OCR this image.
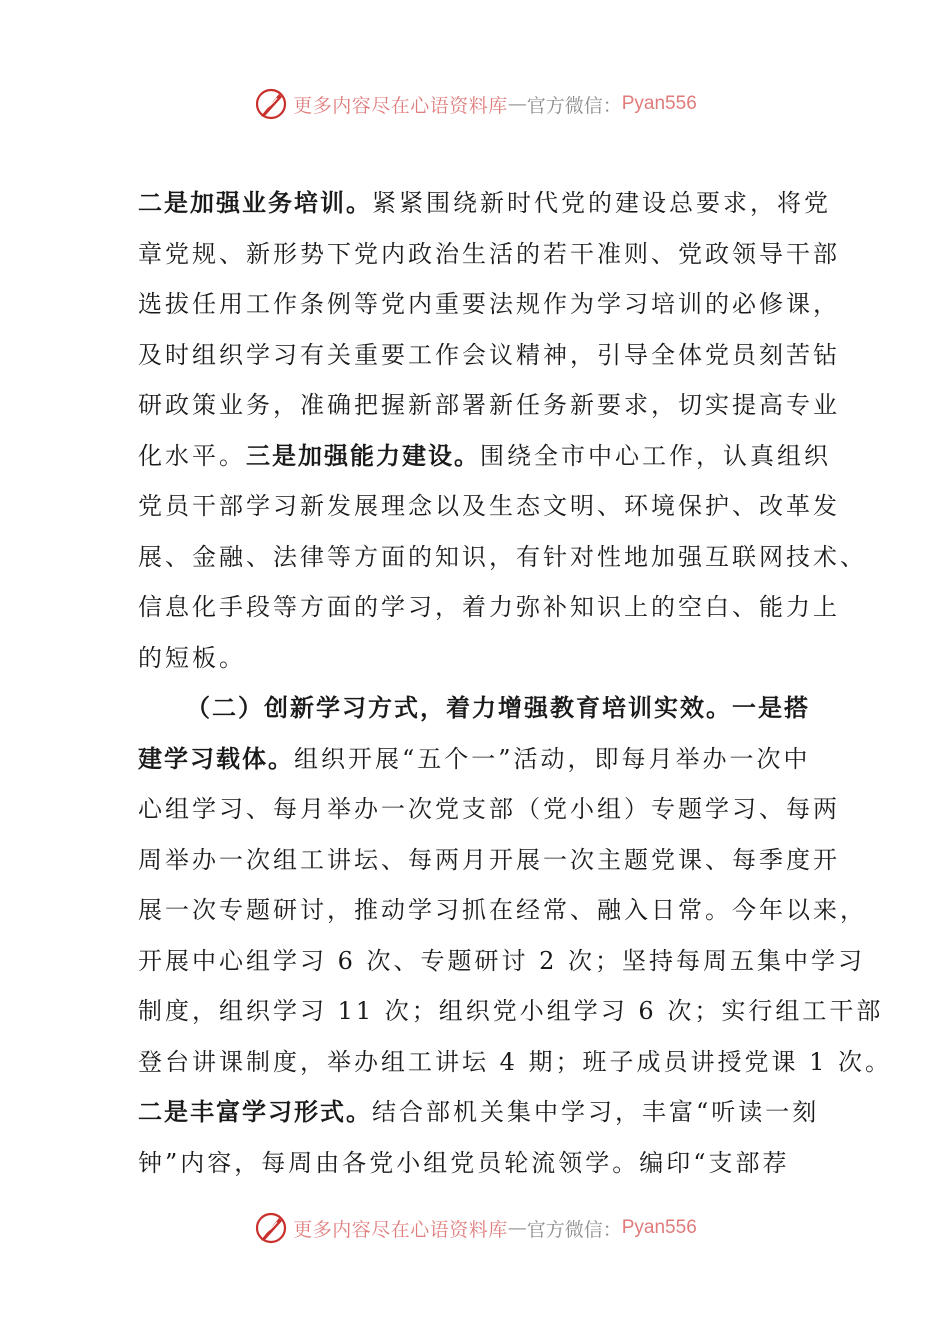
更多内容尽在心语资料库 — 官方微信： Pyan556
二是加强业务培训。紧紧围绕新时代党的建设总要求，将党
章党规、新形势下党内政治生活的若干准则、党政领导干部
选拔任用工作条例等党内重要法规作为学习培训的必修课，
及时组织学习有关重要工作会议精神，引导全体党员刻苦钻
研政策业务，准确把握新部署新任务新要求，切实提高专业
化水平。三是加强能力建设。围绕全市中心工作，认真组织
党员干部学习新发展理念以及生态文明、环境保护、改革发
展、金融、法律等方面的知识，有针对性地加强互联网技术、
信息化手段等方面的学习，着力弥补知识上的空白、能力上
的短板。
（二）创新学习方式，着力增强教育培训实效。一是搭
建学习载体。组织开展“五个一”活动，即每月举办一次中
心组学习、每月举办一次党支部（党小组）专题学习、每两
周举办一次组工讲坛、每两月开展一次主题党课、每季度开
展一次专题研讨，推动学习抓在经常、融入日常。今年以来，
开展中心组学习 6 次、专题研讨 2 次；坚持每周五集中学习
制度，组织学习 11 次；组织党小组学习 6 次；实行组工干部
登台讲课制度，举办组工讲坛 4 期；班子成员讲授党课 1 次。
二是丰富学习形式。结合部机关集中学习，丰富“听读一刻
钟”内容，每周由各党小组党员轮流领学。编印“支部荐
更多内容尽在心语资料库 — 官方微信： Pyan556
